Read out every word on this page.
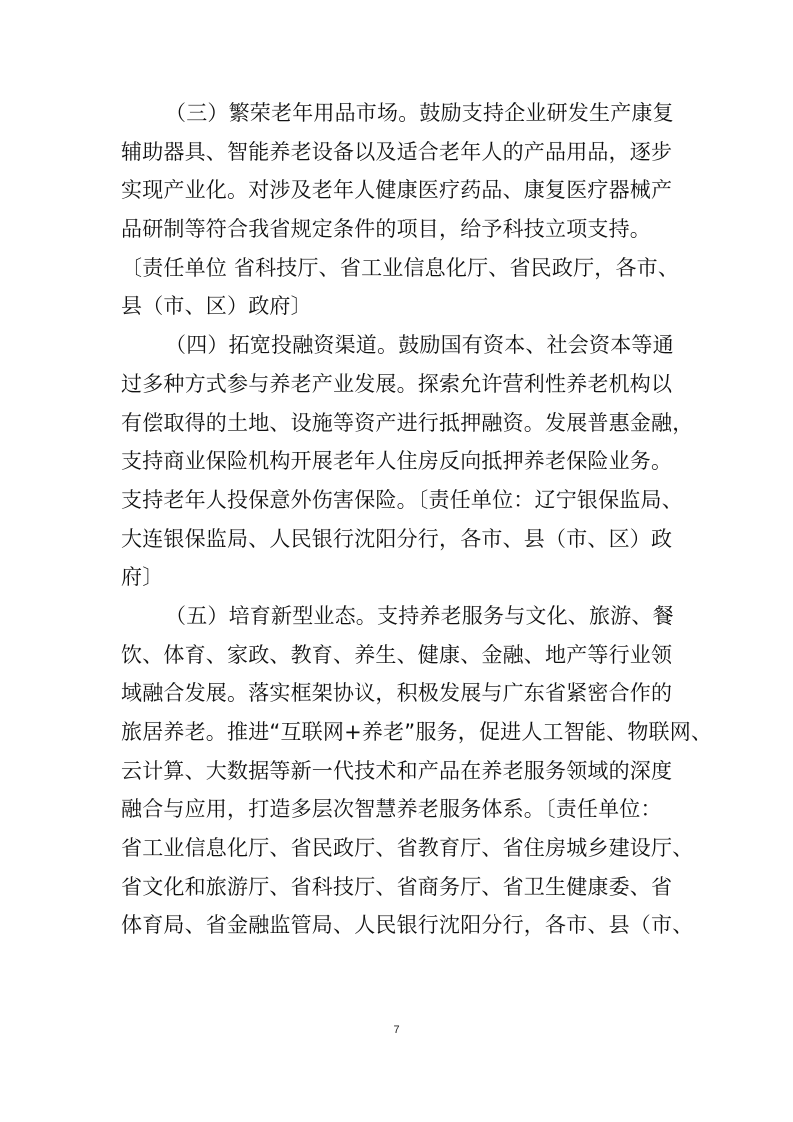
（三）繁荣老年用品市场。鼓励支持企业研发生产康复
辅助器具、智能养老设备以及适合老年人的产品用品，逐步
实现产业化。对涉及老年人健康医疗药品、康复医疗器械产
品研制等符合我省规定条件的项目，给予科技立项支持。
〔责任单位 省科技厅、省工业信息化厅、省民政厅，各市、
县（市、区）政府〕
（四）拓宽投融资渠道。鼓励国有资本、社会资本等通
过多种方式参与养老产业发展。探索允许营利性养老机构以
有偿取得的土地、设施等资产进行抵押融资。发展普惠金融，
支持商业保险机构开展老年人住房反向抵押养老保险业务。
支持老年人投保意外伤害保险。〔责任单位：辽宁银保监局、
大连银保监局、人民银行沈阳分行，各市、县（市、区）政
府〕
（五）培育新型业态。支持养老服务与文化、旅游、餐
饮、体育、家政、教育、养生、健康、金融、地产等行业领
域融合发展。落实框架协议，积极发展与广东省紧密合作的
旅居养老。推进“互联网+养老”服务，促进人工智能、物联网、
云计算、大数据等新一代技术和产品在养老服务领域的深度
融合与应用，打造多层次智慧养老服务体系。〔责任单位：
省工业信息化厅、省民政厅、省教育厅、省住房城乡建设厅、
省文化和旅游厅、省科技厅、省商务厅、省卫生健康委、省
体育局、省金融监管局、人民银行沈阳分行，各市、县（市、
7
